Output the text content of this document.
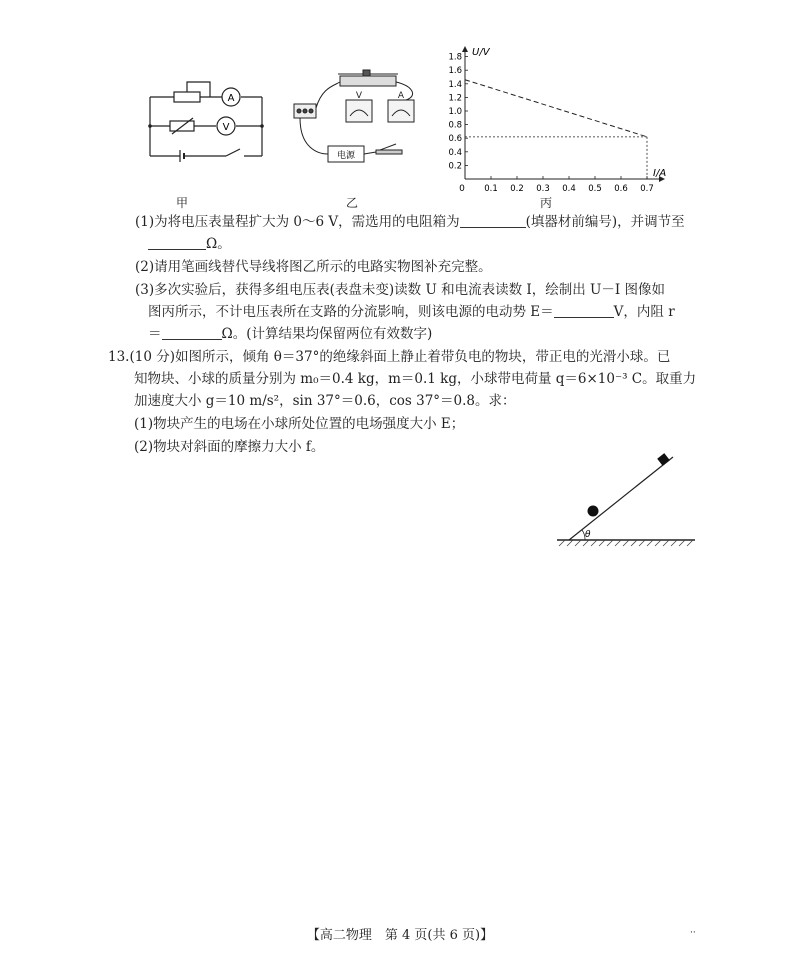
A
V
V	A
电源
U/V
I/A
0
0.2
0.4
0.6
0.8
1.0
1.2
1.4
1.6
1.8
0.1 0.2 0.3 0.4 0.5 0.6 0.7
甲	乙	丙
(1)为将电压表量程扩大为 0～6 V，需选用的电阻箱为	(填器材前编号)，并调节至
Ω。
(2)请用笔画线替代导线将图乙所示的电路实物图补充完整。
(3)多次实验后，获得多组电压表(表盘未变)读数 U 和电流表读数 I，绘制出 U－I 图像如
图丙所示，不计电压表所在支路的分流影响，则该电源的电动势 E＝	V，内阻 r
＝	Ω。(计算结果均保留两位有效数字)
13.(10 分)如图所示，倾角 θ＝37°的绝缘斜面上静止着带负电的物块，带正电的光滑小球。已
知物块、小球的质量分别为 m₀＝0.4 kg，m＝0.1 kg，小球带电荷量 q＝6×10⁻³ C。取重力
加速度大小 g＝10 m/s²，sin 37°＝0.6，cos 37°＝0.8。求：
(1)物块产生的电场在小球所处位置的电场强度大小 E；
(2)物块对斜面的摩擦力大小 f。
θ
【高二物理　第 4 页(共 6 页)】	··
